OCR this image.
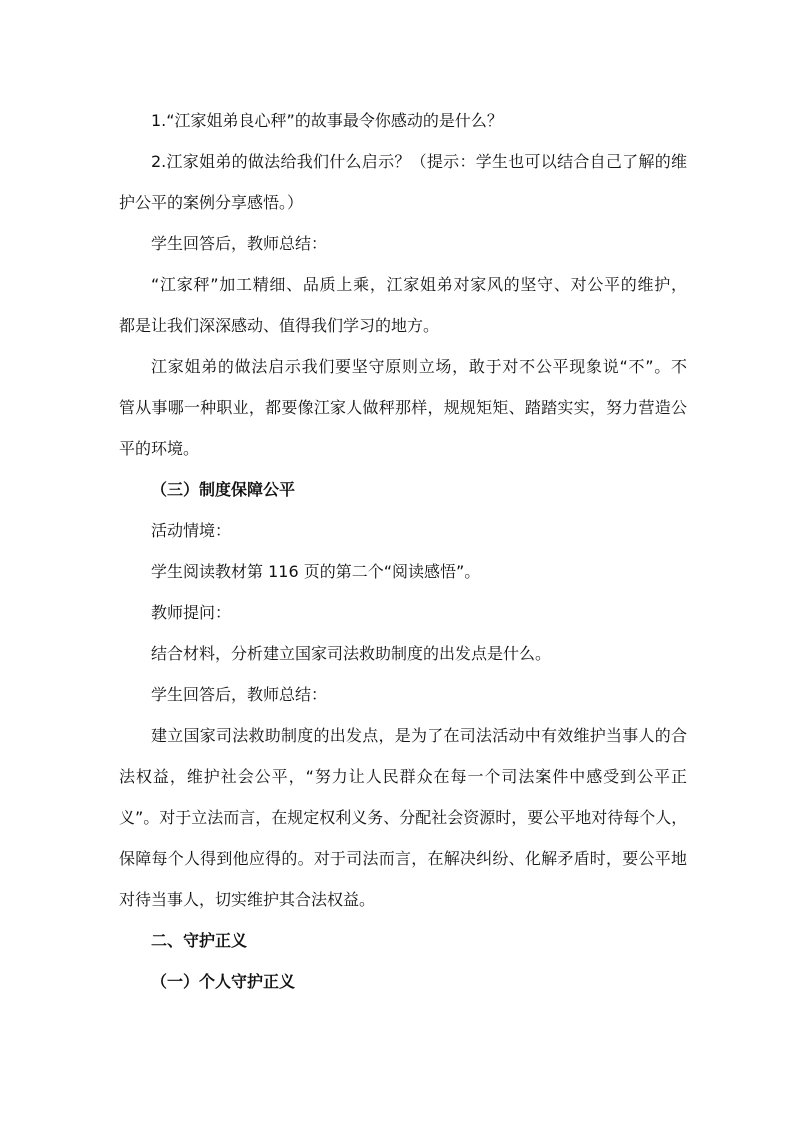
1.“江家姐弟良心秤”的故事最令你感动的是什么？
2.江家姐弟的做法给我们什么启示？（提示：学生也可以结合自己了解的维
护公平的案例分享感悟。）
学生回答后，教师总结：
“江家秤”加工精细、品质上乘，江家姐弟对家风的坚守、对公平的维护，
都是让我们深深感动、值得我们学习的地方。
江家姐弟的做法启示我们要坚守原则立场，敢于对不公平现象说“不”。不
管从事哪一种职业，都要像江家人做秤那样，规规矩矩、踏踏实实，努力营造公
平的环境。
（三）制度保障公平
活动情境：
学生阅读教材第 116 页的第二个“阅读感悟”。
教师提问：
结合材料，分析建立国家司法救助制度的出发点是什么。
学生回答后，教师总结：
建立国家司法救助制度的出发点，是为了在司法活动中有效维护当事人的合
法权益，维护社会公平，“努力让人民群众在每一个司法案件中感受到公平正
义”。对于立法而言，在规定权利义务、分配社会资源时，要公平地对待每个人，
保障每个人得到他应得的。对于司法而言，在解决纠纷、化解矛盾时，要公平地
对待当事人，切实维护其合法权益。
二、守护正义
（一）个人守护正义
